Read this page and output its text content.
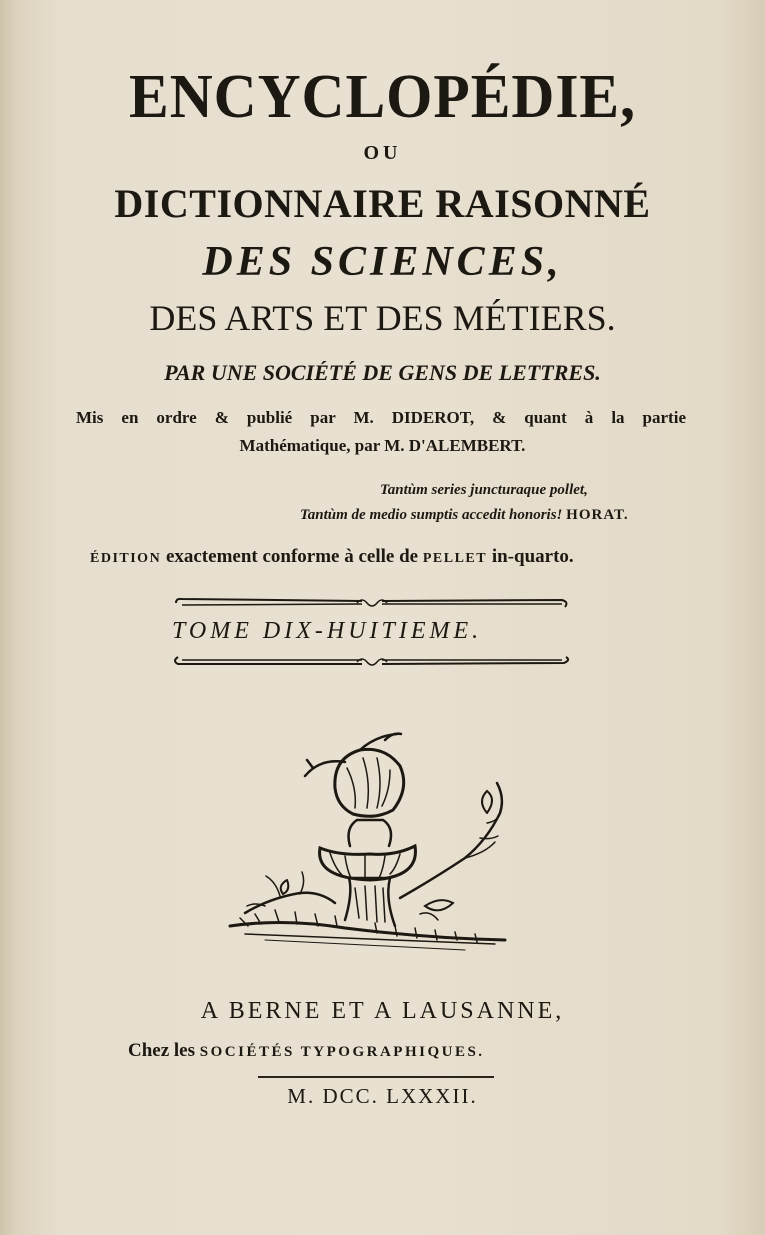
ENCYCLOPÉDIE,
OU
DICTIONNAIRE RAISONNÉ
DES SCIENCES,
DES ARTS ET DES MÉTIERS.
PAR UNE SOCIÉTÉ DE GENS DE LETTRES.
Mis en ordre & publié par M. DIDEROT, & quant à la partie
Mathématique, par M. D'ALEMBERT.
Tantùm series juncturaque pollet,
Tantùm de medio sumptis accedit honoris! HORAT.
ÉDITION exactement conforme à celle de PELLET in-quarto.
TOME DIX-HUITIEME.
A BERNE ET A LAUSANNE,
Chez les SOCIÉTÉS TYPOGRAPHIQUES.
M. DCC. LXXXII.
